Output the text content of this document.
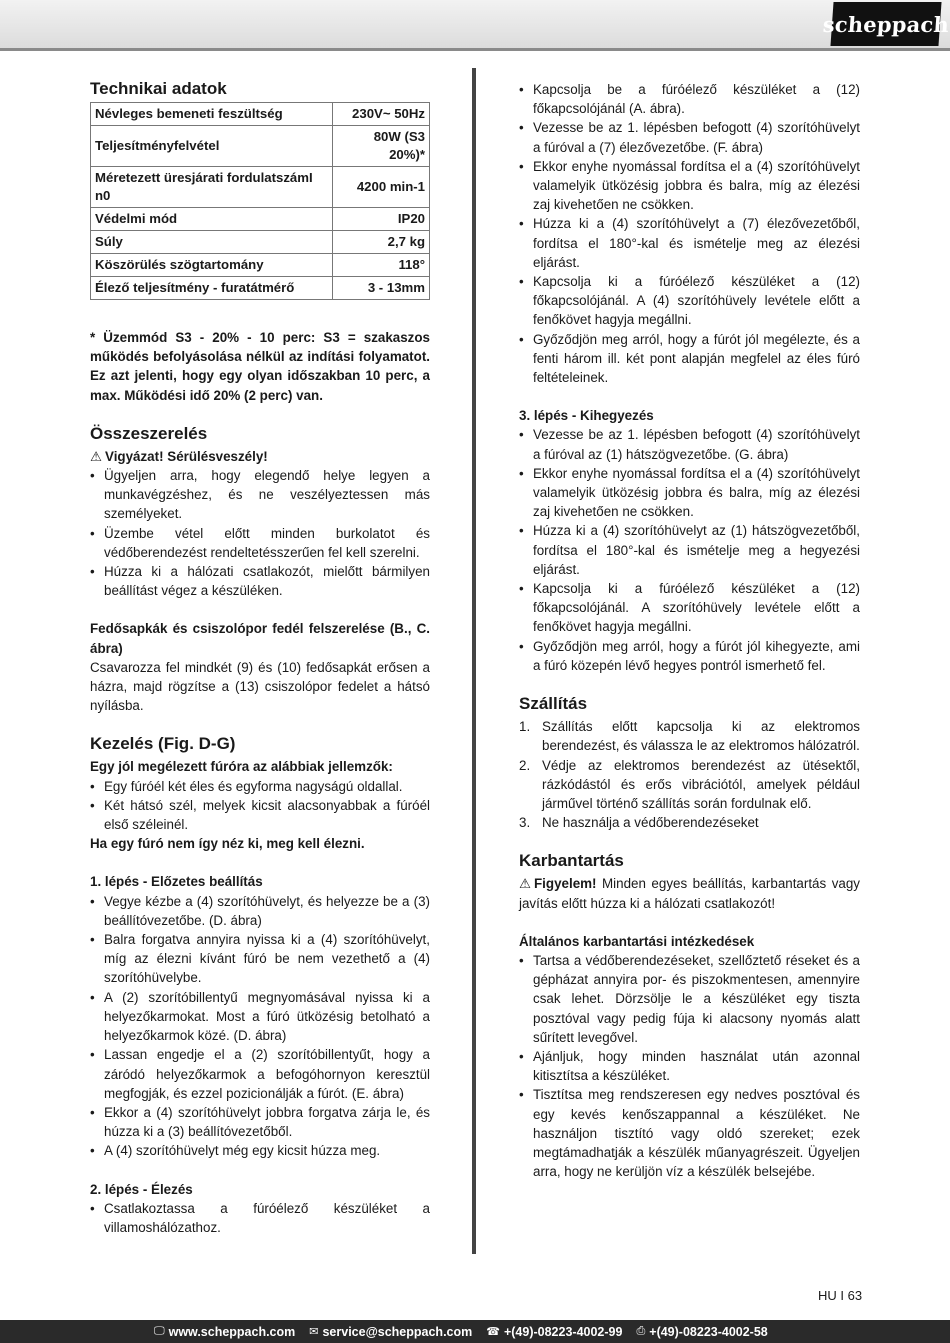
scheppach
Technikai adatok
Névleges bemeneti feszültség	230V~ 50Hz
Teljesítményfelvétel	80W (S3 20%)*
Méretezett üresjárati fordulatszámI n0	4200 min-1
Védelmi mód	IP20
Súly	2,7 kg
Köszörülés szögtartomány	118°
Élező teljesítmény - furatátmérő	3 - 13mm

* Üzemmód S3 - 20% - 10 perc: S3 = szakaszos működés befolyásolása nélkül az indítási folyamatot. Ez azt jelenti, hogy egy olyan időszakban 10 perc, a max. Működési idő 20% (2 perc) van.

Összeszerelés

⚠ Vigyázat! Sérülésveszély!

• Ügyeljen arra, hogy elegendő helye legyen a munkavégzéshez, és ne veszélyeztessen más személyeket.
• Üzembe vétel előtt minden burkolatot és védőberendezést rendeltetésszerűen fel kell szerelni.
• Húzza ki a hálózati csatlakozót, mielőtt bármilyen beállítást végez a készüléken.

Fedősapkák és csiszolópor fedél felszerelése (B., C. ábra)

Csavarozza fel mindkét (9) és (10) fedősapkát erősen a házra, majd rögzítse a (13) csiszolópor fedelet a hátsó nyílásba.

Kezelés (Fig. D-G)

Egy jól megélezett fúróra az alábbiak jellemzők:

• Egy fúróél két éles és egyforma nagyságú oldallal.
• Két hátsó szél, melyek kicsit alacsonyabbak a fúróél első széleinél.

Ha egy fúró nem így néz ki, meg kell élezni.

1. lépés - Előzetes beállítás

• Vegye kézbe a (4) szorítóhüvelyt, és helyezze be a (3) beállítóvezetőbe. (D. ábra)
• Balra forgatva annyira nyissa ki a (4) szorítóhüvelyt, míg az élezni kívánt fúró be nem vezethető a (4) szorítóhüvelybe.
• A (2) szorítóbillentyű megnyomásával nyissa ki a helyezőkarmokat. Most a fúró ütközésig betolható a helyezőkarmok közé. (D. ábra)
• Lassan engedje el a (2) szorítóbillentyűt, hogy a záródó helyezőkarmok a befogóhornyon keresztül megfogják, és ezzel pozicionálják a fúrót. (E. ábra)
• Ekkor a (4) szorítóhüvelyt jobbra forgatva zárja le, és húzza ki a (3) beállítóvezetőből.
• A (4) szorítóhüvelyt még egy kicsit húzza meg.

2. lépés - Élezés

• Csatlakoztassa a fúróélező készüléket a villamoshálózathoz.
• Kapcsolja be a fúróélező készüléket a (12) főkapcsolójánál (A. ábra).
• Vezesse be az 1. lépésben befogott (4) szorítóhüvelyt a fúróval a (7) élezővezetőbe. (F. ábra)
• Ekkor enyhe nyomással fordítsa el a (4) szorítóhüvelyt valamelyik ütközésig jobbra és balra, míg az élezési zaj kivehetően ne csökken.
• Húzza ki a (4) szorítóhüvelyt a (7) élezővezetőből, fordítsa el 180°-kal és ismételje meg az élezési eljárást.
• Kapcsolja ki a fúróélező készüléket a (12) főkapcsolójánál. A (4) szorítóhüvely levétele előtt a fenőkövet hagyja megállni.
• Győződjön meg arról, hogy a fúrót jól megélezte, és a fenti három ill. két pont alapján megfelel az éles fúró feltételeinek.

3. lépés - Kihegyezés

• Vezesse be az 1. lépésben befogott (4) szorítóhüvelyt a fúróval az (1) hátszögvezetőbe. (G. ábra)
• Ekkor enyhe nyomással fordítsa el a (4) szorítóhüvelyt valamelyik ütközésig jobbra és balra, míg az élezési zaj kivehetően ne csökken.
• Húzza ki a (4) szorítóhüvelyt az (1) hátszögvezetőből, fordítsa el 180°-kal és ismételje meg a hegyezési eljárást.
• Kapcsolja ki a fúróélező készüléket a (12) főkapcsolójánál. A szorítóhüvely levétele előtt a fenőkövet hagyja megállni.
• Győződjön meg arról, hogy a fúrót jól kihegyezte, ami a fúró közepén lévő hegyes pontról ismerhető fel.
Szállítás
1. Szállítás előtt kapcsolja ki az elektromos berendezést, és válassza le az elektromos hálózatról.
2. Védje az elektromos berendezést az ütésektől, rázkódástól és erős vibrációtól, amelyek például járművel történő szállítás során fordulnak elő.
3. Ne használja a védőberendezéseket
Karbantartás

⚠ Figyelem! Minden egyes beállítás, karbantartás vagy javítás előtt húzza ki a hálózati csatlakozót!

Általános karbantartási intézkedések

• Tartsa a védőberendezéseket, szellőztető réseket és a gépházat annyira por- és piszokmentesen, amennyire csak lehet. Dörzsölje le a készüléket egy tiszta posztóval vagy pedig fúja ki alacsony nyomás alatt sűrített levegővel.
• Ajánljuk, hogy minden használat után azonnal kitisztítsa a készüléket.
• Tisztítsa meg rendszeresen egy nedves posztóval és egy kevés kenőszappannal a készüléket. Ne használjon tisztító vagy oldó szereket; ezek megtámadhatják a készülék műanyagrészeit. Ügyeljen arra, hogy ne kerüljön víz a készülék belsejébe.
HU I 63
🖵 www.scheppach.com ✉ service@scheppach.com ☎ +(49)-08223-4002-99 ⎙ +(49)-08223-4002-58
